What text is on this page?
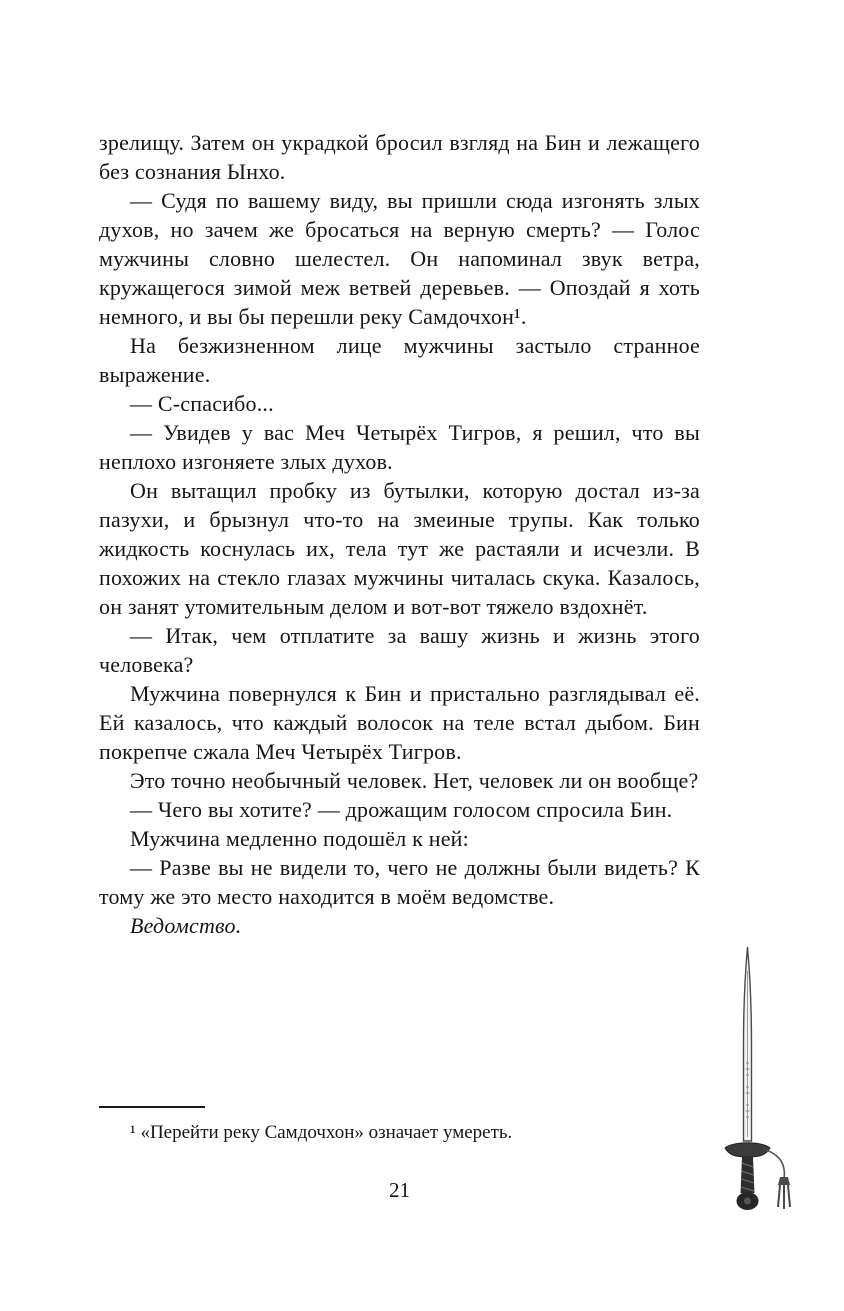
зрелищу. Затем он украдкой бросил взгляд на Бин и лежащего без сознания Ынхо.

— Судя по вашему виду, вы пришли сюда изгонять злых духов, но зачем же бросаться на верную смерть? — Голос мужчины словно шелестел. Он напоминал звук ветра, кружащегося зимой меж ветвей деревьев. — Опоздай я хоть немного, и вы бы перешли реку Самдочхон¹.

На безжизненном лице мужчины застыло странное выражение.

— С-спасибо...

— Увидев у вас Меч Четырёх Тигров, я решил, что вы неплохо изгоняете злых духов.

Он вытащил пробку из бутылки, которую достал из-за пазухи, и брызнул что-то на змеиные трупы. Как только жидкость коснулась их, тела тут же растаяли и исчезли. В похожих на стекло глазах мужчины читалась скука. Казалось, он занят утомительным делом и вот-вот тяжело вздохнёт.

— Итак, чем отплатите за вашу жизнь и жизнь этого человека?

Мужчина повернулся к Бин и пристально разглядывал её. Ей казалось, что каждый волосок на теле встал дыбом. Бин покрепче сжала Меч Четырёх Тигров.

Это точно необычный человек. Нет, человек ли он вообще?

— Чего вы хотите? — дрожащим голосом спросила Бин.

Мужчина медленно подошёл к ней:

— Разве вы не видели то, чего не должны были видеть? К тому же это место находится в моём ведомстве.

Ведомство.

¹ «Перейти реку Самдочхон» означает умереть.

21
